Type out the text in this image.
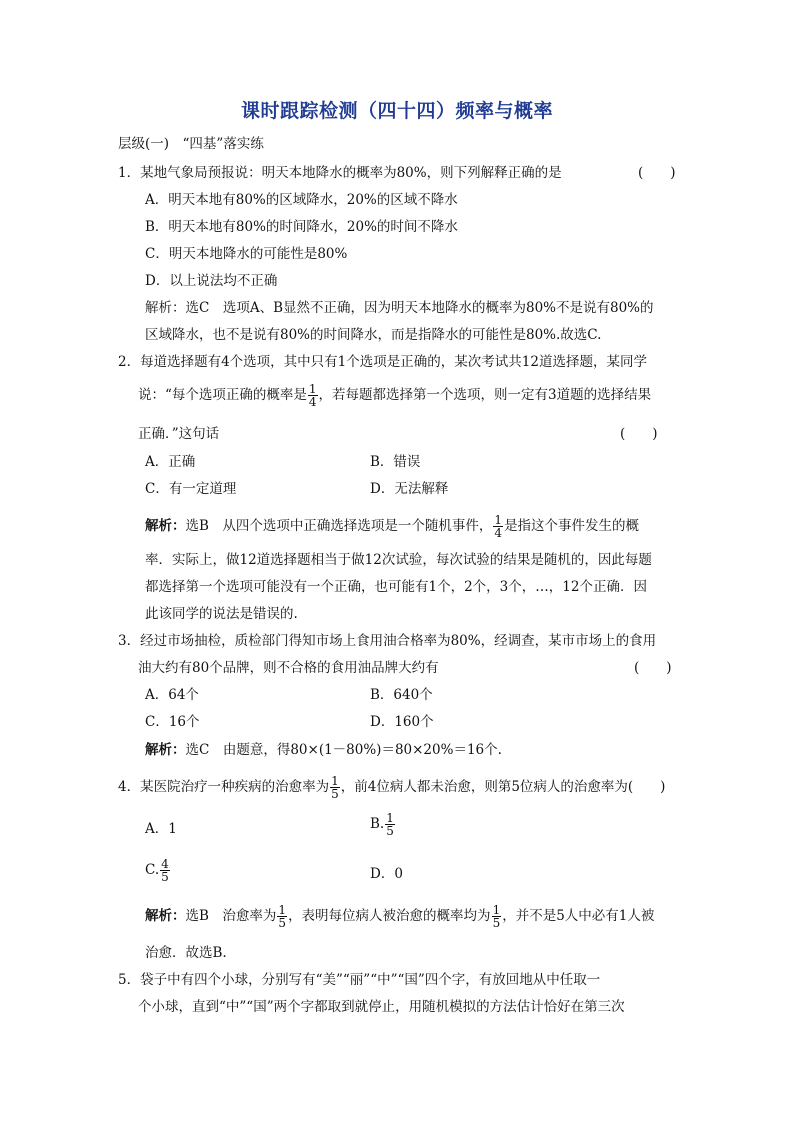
课时跟踪检测（四十四）频率与概率
层级(一)　“四基”落实练
1．某地气象局预报说：明天本地降水的概率为80%，则下列解释正确的是	(　　)
A．明天本地有80%的区域降水，20%的区域不降水
B．明天本地有80%的时间降水，20%的时间不降水
C．明天本地降水的可能性是80%
D．以上说法均不正确
解析：选C　选项A、B显然不正确，因为明天本地降水的概率为80%不是说有80%的
区域降水，也不是说有80%的时间降水，而是指降水的可能性是80%.故选C.
2．每道选择题有4个选项，其中只有1个选项是正确的，某次考试共12道选择题，某同学
说：“每个选项正确的概率是 $\frac{1}{4}$ ，若每题都选择第一个选项，则一定有3道题的选择结果
正确．”这句话	(　　)
A．正确	B．错误
C．有一定道理	D．无法解释
解析：选B　从四个选项中正确选择选项是一个随机事件， $\frac{1}{4}$ 是指这个事件发生的概
率．实际上，做12道选择题相当于做12次试验，每次试验的结果是随机的，因此每题
都选择第一个选项可能没有一个正确，也可能有1个，2个，3个，…，12个正确．因
此该同学的说法是错误的.
3．经过市场抽检，质检部门得知市场上食用油合格率为80%，经调查，某市市场上的食用
油大约有80个品牌，则不合格的食用油品牌大约有	(　　)
A．64个	B．640个
C．16个	D．160个
解析：选C　由题意，得80×(1－80%)＝80×20%＝16个.
4．某医院治疗一种疾病的治愈率为 $\frac{1}{5}$ ，前4位病人都未治愈，则第5位病人的治愈率为(　　)
A．1	B. $\frac{1}{5}$
C. $\frac{4}{5}$	D．0
解析：选B　治愈率为 $\frac{1}{5}$ ，表明每位病人被治愈的概率均为 $\frac{1}{5}$ ，并不是5人中必有1人被
治愈．故选B.
5．袋子中有四个小球，分别写有“美”“丽”“中”“国”四个字，有放回地从中任取一
个小球，直到“中”“国”两个字都取到就停止，用随机模拟的方法估计恰好在第三次
